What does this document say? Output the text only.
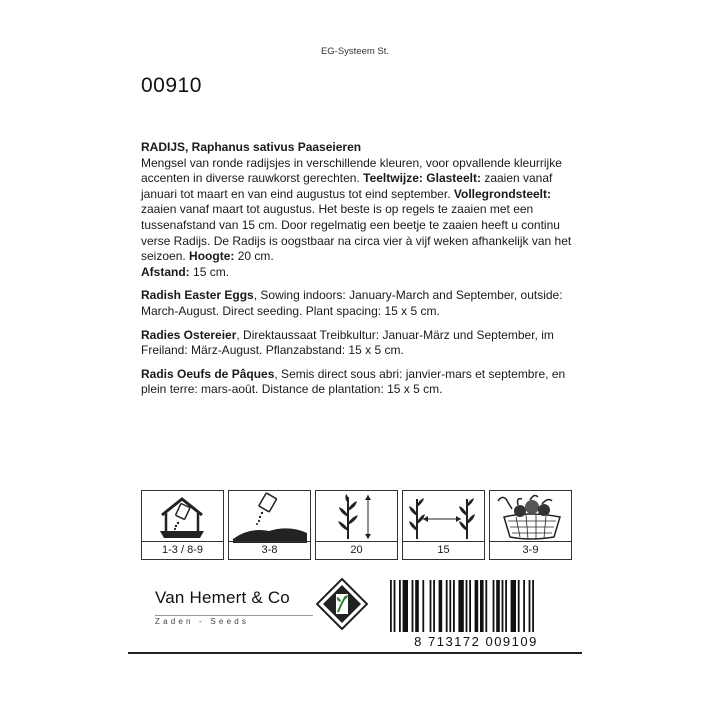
EG-Systeem St.
00910

RADIJS, Raphanus sativus Paaseieren
Mengsel van ronde radijsjes in verschillende kleuren, voor opvallende kleurrijke accenten in diverse rauwkorst gerechten. Teeltwijze: Glasteelt: zaaien vanaf januari tot maart en van eind augustus tot eind september. Vollegrondsteelt: zaaien vanaf maart tot augustus. Het beste is op regels te zaaien met een tussenafstand van 15 cm. Door regelmatig een beetje te zaaien heeft u continu verse Radijs. De Radijs is oogstbaar na circa vier à vijf weken afhankelijk van het seizoen. Hoogte: 20 cm.
Afstand: 15 cm.

Radish Easter Eggs, Sowing indoors: January-March and September, outside: March-August. Direct seeding. Plant spacing: 15 x 5 cm.

Radies Ostereier, Direktaussaat Treibkultur: Januar-März und September, im Freiland: März-August. Pflanzabstand: 15 x 5 cm.

Radis Oeufs de Pâques, Semis direct sous abri: janvier-mars et septembre, en plein terre: mars-août. Distance de plantation: 15 x 5 cm.

1-3 / 8-9	3-8	20	15	3-9
Van Hemert & Co
Zaden - Seeds
8 713172 009109
